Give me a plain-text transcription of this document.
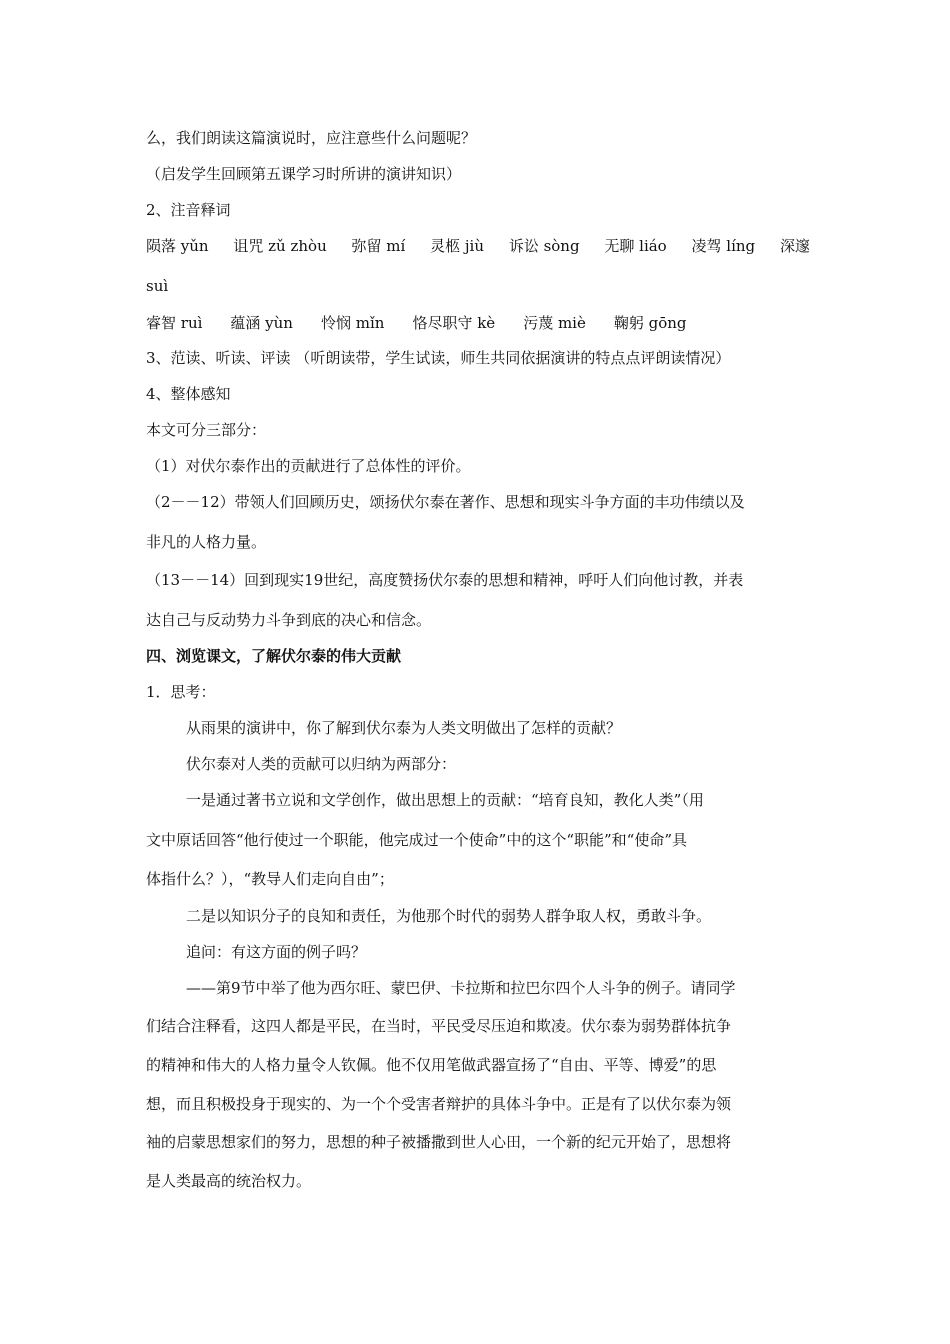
么，我们朗读这篇演说时，应注意些什么问题呢？
（启发学生回顾第五课学习时所讲的演讲知识）
2、注音释词
陨落 yǔn 诅咒 zǔ zhòu 弥留 mí 灵柩 jiù 诉讼 sòng 无聊 liáo 凌驾 líng 深邃
suì
睿智 ruì 蕴涵 yùn 怜悯 mǐn 恪尽职守 kè 污蔑 miè 鞠躬 gōng
3、范读、听读、评读 （听朗读带，学生试读，师生共同依据演讲的特点点评朗读情况）
4、整体感知
本文可分三部分：
（1）对伏尔泰作出的贡献进行了总体性的评价。
（2－－12）带领人们回顾历史，颂扬伏尔泰在著作、思想和现实斗争方面的丰功伟绩以及
非凡的人格力量。
（13－－14）回到现实19世纪，高度赞扬伏尔泰的思想和精神，呼吁人们向他讨教，并表
达自己与反动势力斗争到底的决心和信念。
四、浏览课文，了解伏尔泰的伟大贡献
1．思考：
从雨果的演讲中，你了解到伏尔泰为人类文明做出了怎样的贡献？
伏尔泰对人类的贡献可以归纳为两部分：
一是通过著书立说和文学创作，做出思想上的贡献：“培育良知，教化人类”（用
文中原话回答“他行使过一个职能，他完成过一个使命”中的这个“职能”和“使命”具
体指什么？），“教导人们走向自由”；
二是以知识分子的良知和责任，为他那个时代的弱势人群争取人权，勇敢斗争。
追问：有这方面的例子吗？
——第9节中举了他为西尔旺、蒙巴伊、卡拉斯和拉巴尔四个人斗争的例子。请同学
们结合注释看，这四人都是平民，在当时，平民受尽压迫和欺凌。伏尔泰为弱势群体抗争
的精神和伟大的人格力量令人钦佩。他不仅用笔做武器宣扬了“自由、平等、博爱”的思
想，而且积极投身于现实的、为一个个受害者辩护的具体斗争中。正是有了以伏尔泰为领
袖的启蒙思想家们的努力，思想的种子被播撒到世人心田，一个新的纪元开始了，思想将
是人类最高的统治权力。
